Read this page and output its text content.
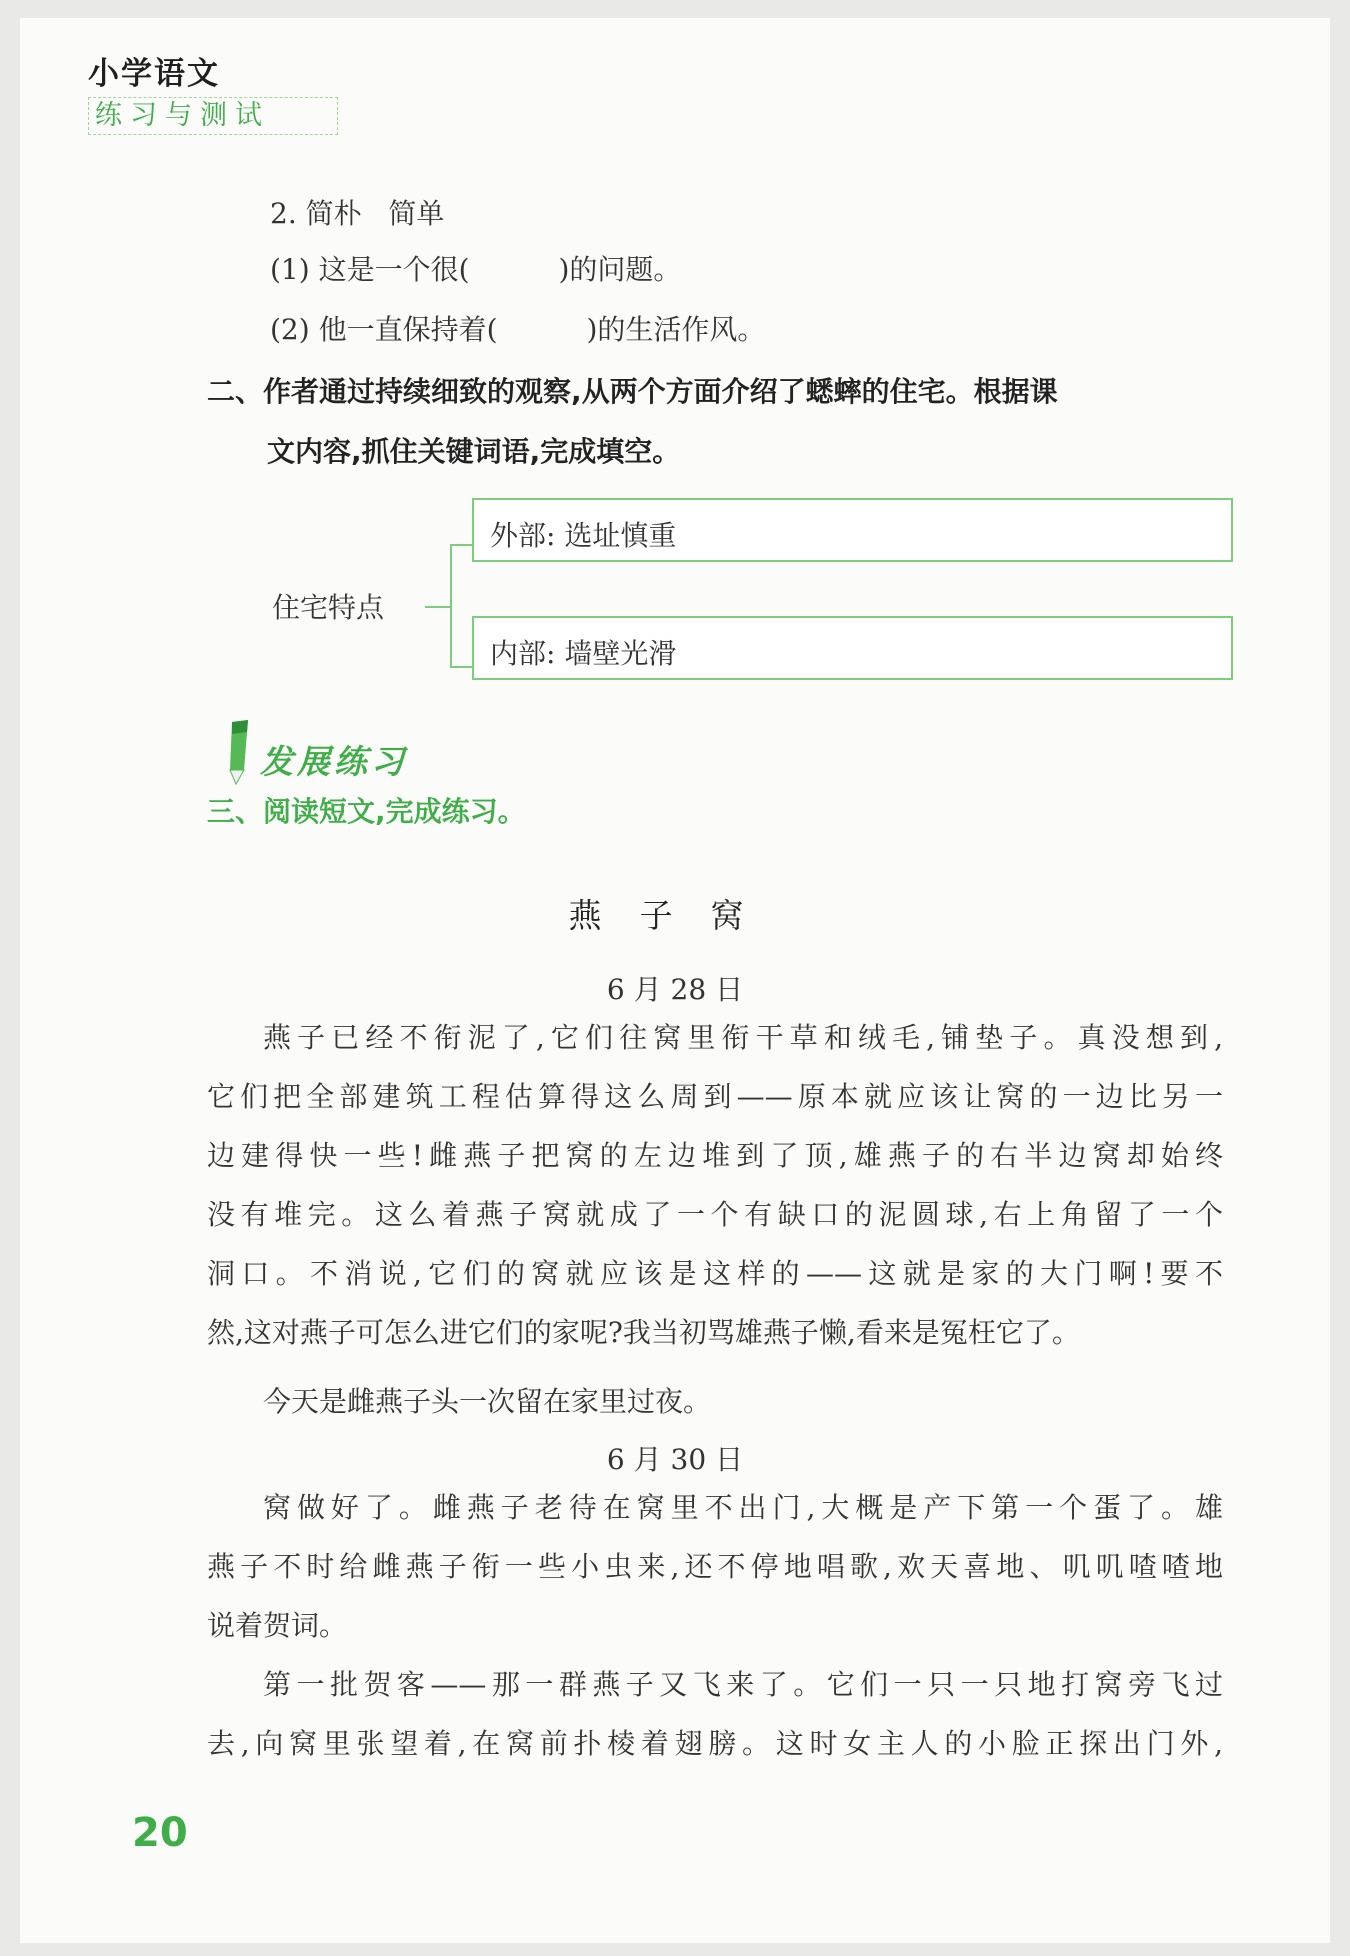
小学语文
练习与测试
2. 简朴   简单
(1) 这是一个很(          )的问题。
(2) 他一直保持着(          )的生活作风。
二、作者通过持续细致的观察,从两个方面介绍了蟋蟀的住宅。根据课
文内容,抓住关键词语,完成填空。
住宅特点
外部: 选址慎重
内部: 墙壁光滑
发展练习
三、阅读短文,完成练习。
燕子窝
6 月 28 日
燕子已经不衔泥了,它们往窝里衔干草和绒毛,铺垫子。真没想到,
它们把全部建筑工程估算得这么周到——原本就应该让窝的一边比另一
边建得快一些!雌燕子把窝的左边堆到了顶,雄燕子的右半边窝却始终
没有堆完。这么着燕子窝就成了一个有缺口的泥圆球,右上角留了一个
洞口。不消说,它们的窝就应该是这样的——这就是家的大门啊!要不
然,这对燕子可怎么进它们的家呢?我当初骂雄燕子懒,看来是冤枉它了。
今天是雌燕子头一次留在家里过夜。
6 月 30 日
窝做好了。雌燕子老待在窝里不出门,大概是产下第一个蛋了。雄
燕子不时给雌燕子衔一些小虫来,还不停地唱歌,欢天喜地、叽叽喳喳地
说着贺词。
第一批贺客——那一群燕子又飞来了。它们一只一只地打窝旁飞过
去,向窝里张望着,在窝前扑棱着翅膀。这时女主人的小脸正探出门外,
20
